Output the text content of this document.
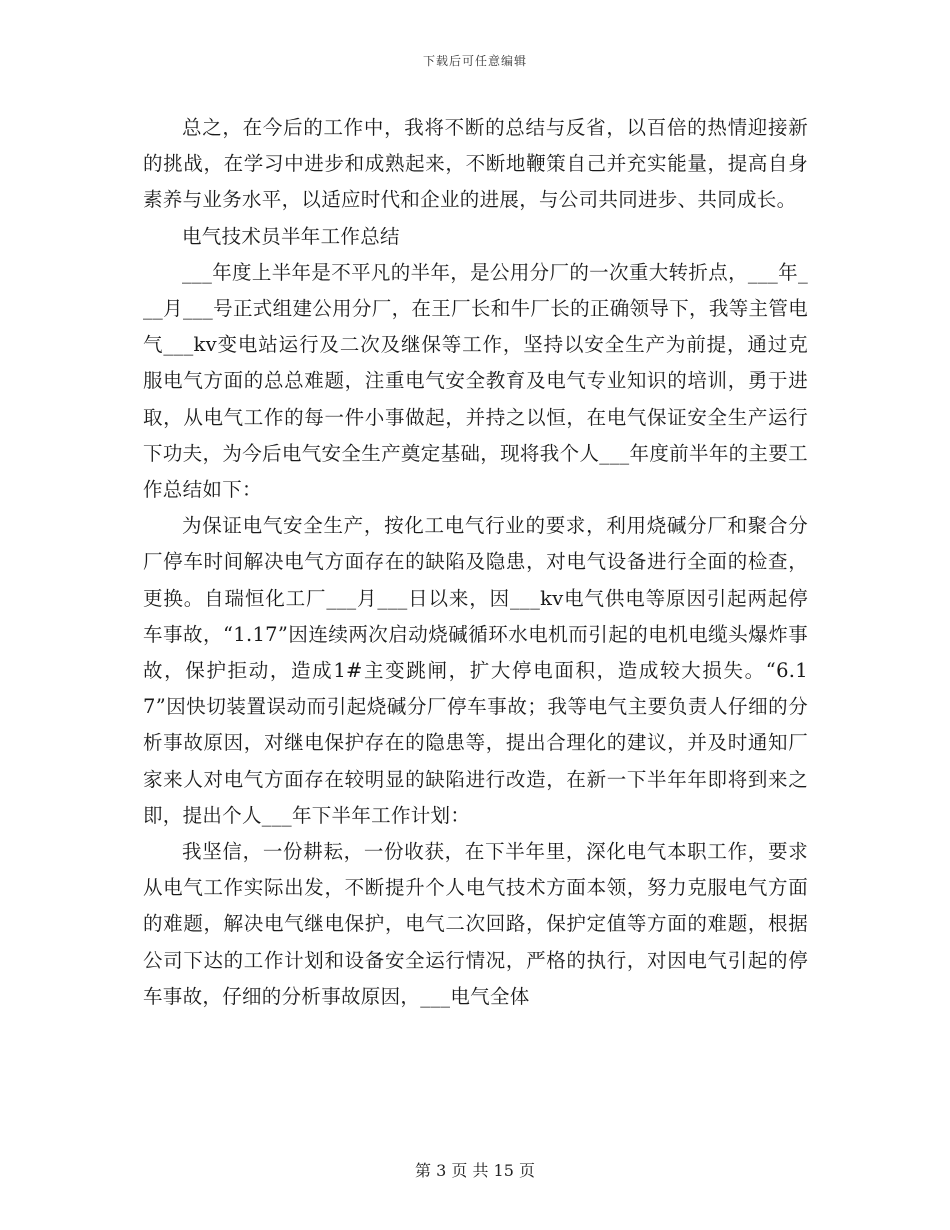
下载后可任意编辑

总之，在今后的工作中，我将不断的总结与反省，以百倍的热情迎接新的挑战，在学习中进步和成熟起来，不断地鞭策自己并充实能量，提高自身素养与业务水平，以适应时代和企业的进展，与公司共同进步、共同成长。

电气技术员半年工作总结

___年度上半年是不平凡的半年，是公用分厂的一次重大转折点，___年___月___号正式组建公用分厂，在王厂长和牛厂长的正确领导下，我等主管电气___kv变电站运行及二次及继保等工作，坚持以安全生产为前提，通过克服电气方面的总总难题，注重电气安全教育及电气专业知识的培训，勇于进取，从电气工作的每一件小事做起，并持之以恒，在电气保证安全生产运行下功夫，为今后电气安全生产奠定基础，现将我个人___年度前半年的主要工作总结如下：

为保证电气安全生产，按化工电气行业的要求，利用烧碱分厂和聚合分厂停车时间解决电气方面存在的缺陷及隐患，对电气设备进行全面的检查，更换。自瑞恒化工厂___月___日以来，因___kv电气供电等原因引起两起停车事故，“1.17”因连续两次启动烧碱循环水电机而引起的电机电缆头爆炸事故，保护拒动，造成1#主变跳闸，扩大停电面积，造成较大损失。“6.17”因快切装置误动而引起烧碱分厂停车事故；我等电气主要负责人仔细的分析事故原因，对继电保护存在的隐患等，提出合理化的建议，并及时通知厂家来人对电气方面存在较明显的缺陷进行改造，在新一下半年年即将到来之即，提出个人___年下半年工作计划：

我坚信，一份耕耘，一份收获，在下半年里，深化电气本职工作，要求从电气工作实际出发，不断提升个人电气技术方面本领，努力克服电气方面的难题，解决电气继电保护，电气二次回路，保护定值等方面的难题，根据公司下达的工作计划和设备安全运行情况，严格的执行，对因电气引起的停车事故，仔细的分析事故原因，___电气全体

第 3 页 共 15 页
